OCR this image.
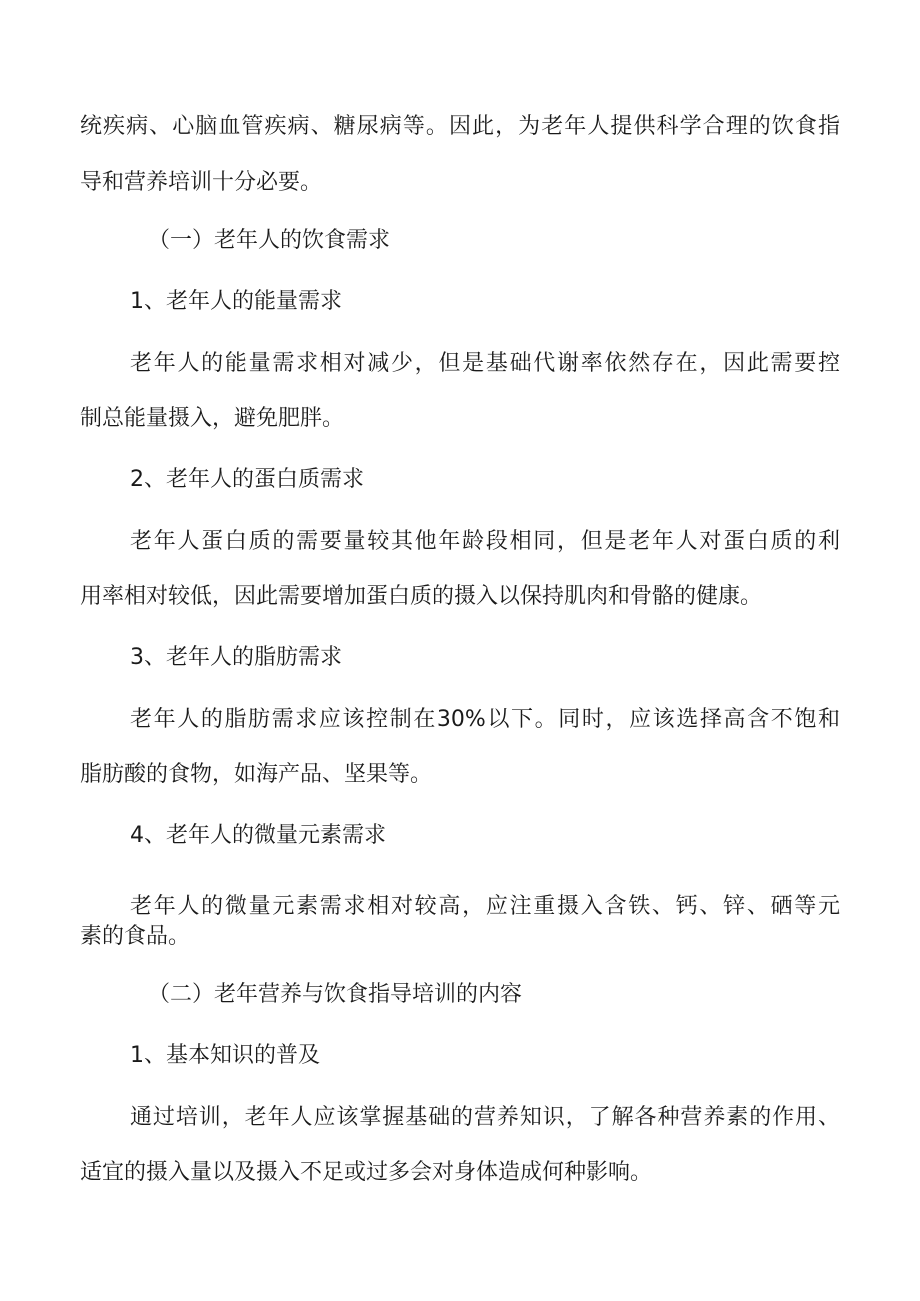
统疾病、心脑血管疾病、糖尿病等。因此，为老年人提供科学合理的饮食指
导和营养培训十分必要。
（一）老年人的饮食需求
1、老年人的能量需求
老年人的能量需求相对减少，但是基础代谢率依然存在，因此需要控
制总能量摄入，避免肥胖。
2、老年人的蛋白质需求
老年人蛋白质的需要量较其他年龄段相同，但是老年人对蛋白质的利
用率相对较低，因此需要增加蛋白质的摄入以保持肌肉和骨骼的健康。
3、老年人的脂肪需求
老年人的脂肪需求应该控制在30%以下。同时，应该选择高含不饱和
脂肪酸的食物，如海产品、坚果等。
4、老年人的微量元素需求
老年人的微量元素需求相对较高，应注重摄入含铁、钙、锌、硒等元
素的食品。
（二）老年营养与饮食指导培训的内容
1、基本知识的普及
通过培训，老年人应该掌握基础的营养知识，了解各种营养素的作用、
适宜的摄入量以及摄入不足或过多会对身体造成何种影响。
